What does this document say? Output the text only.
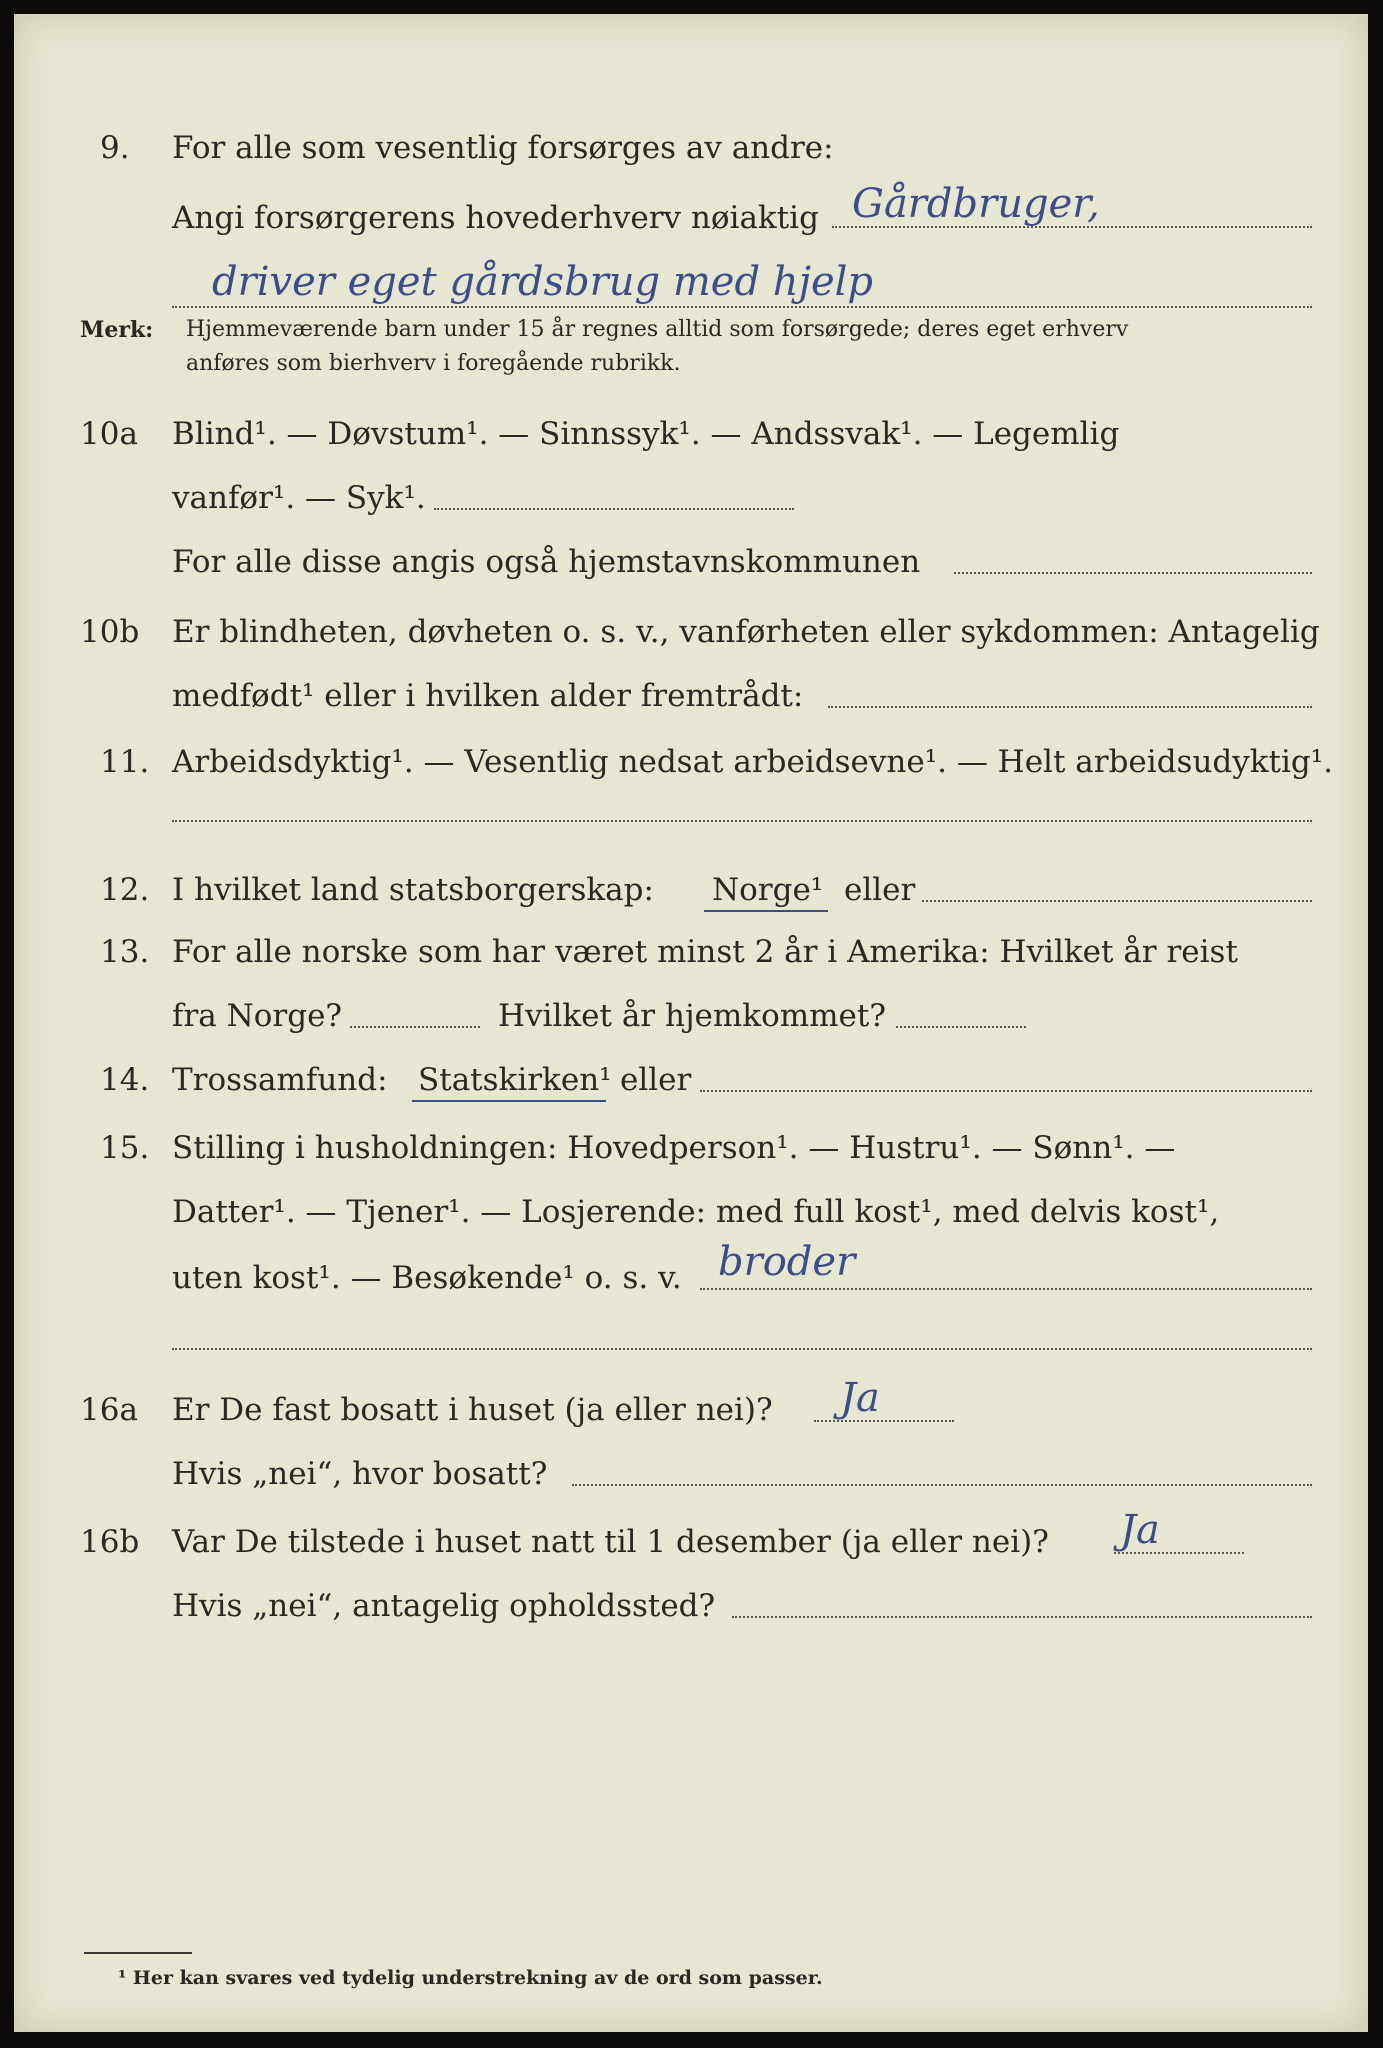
9. For alle som vesentlig forsørges av andre:
Angi forsørgerens hovederhverv nøiaktig Gårdbruger,
driver eget gårdsbrug med hjelp
Merk: Hjemmeværende barn under 15 år regnes alltid som forsørgede; deres eget erhverv
anføres som bierhverv i foregående rubrikk.
10a Blind¹. — Døvstum¹. — Sinnssyk¹. — Andssvak¹. — Legemlig
vanfør¹. — Syk¹.
For alle disse angis også hjemstavnskommunen
10b Er blindheten, døvheten o. s. v., vanførheten eller sykdommen: Antagelig
medfødt¹ eller i hvilken alder fremtrådt:
11. Arbeidsdyktig¹. — Vesentlig nedsat arbeidsevne¹. — Helt arbeidsudyktig¹.
12. I hvilket land statsborgerskap: Norge¹ eller
13. For alle norske som har været minst 2 år i Amerika: Hvilket år reist
fra Norge?	Hvilket år hjemkommet?
14. Trossamfund: Statskirken¹ eller
15. Stilling i husholdningen: Hovedperson¹. — Hustru¹. — Sønn¹. —
Datter¹. — Tjener¹. — Losjerende: med full kost¹, med delvis kost¹,
uten kost¹. — Besøkende¹ o. s. v. broder
16a Er De fast bosatt i huset (ja eller nei)? Ja
Hvis „nei“, hvor bosatt?
16b Var De tilstede i huset natt til 1 desember (ja eller nei)? Ja
Hvis „nei“, antagelig opholdssted?
¹ Her kan svares ved tydelig understrekning av de ord som passer.
